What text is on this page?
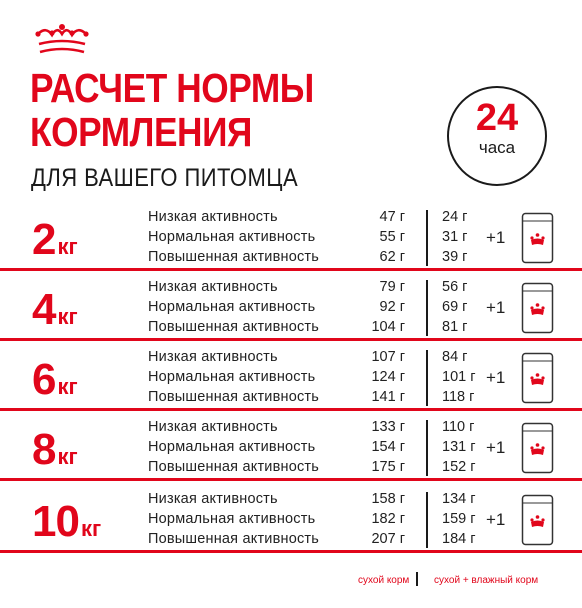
РАСЧЕТ НОРМЫ
КОРМЛЕНИЯ
ДЛЯ ВАШЕГО ПИТОМЦА
24
часа
2кг
Низкая активность	47 г	24 г
Нормальная активность	55 г	31 г
Повышенная активность	62 г	39 г
+1
4кг
Низкая активность	79 г	56 г
Нормальная активность	92 г	69 г
Повышенная активность	104 г	81 г
+1
6кг
Низкая активность	107 г	84 г
Нормальная активность	124 г	101 г
Повышенная активность	141 г	118 г
+1
8кг
Низкая активность	133 г	110 г
Нормальная активность	154 г	131 г
Повышенная активность	175 г	152 г
+1
10кг
Низкая активность	158 г	134 г
Нормальная активность	182 г	159 г
Повышенная активность	207 г	184 г
+1
сухой корм сухой + влажный корм
